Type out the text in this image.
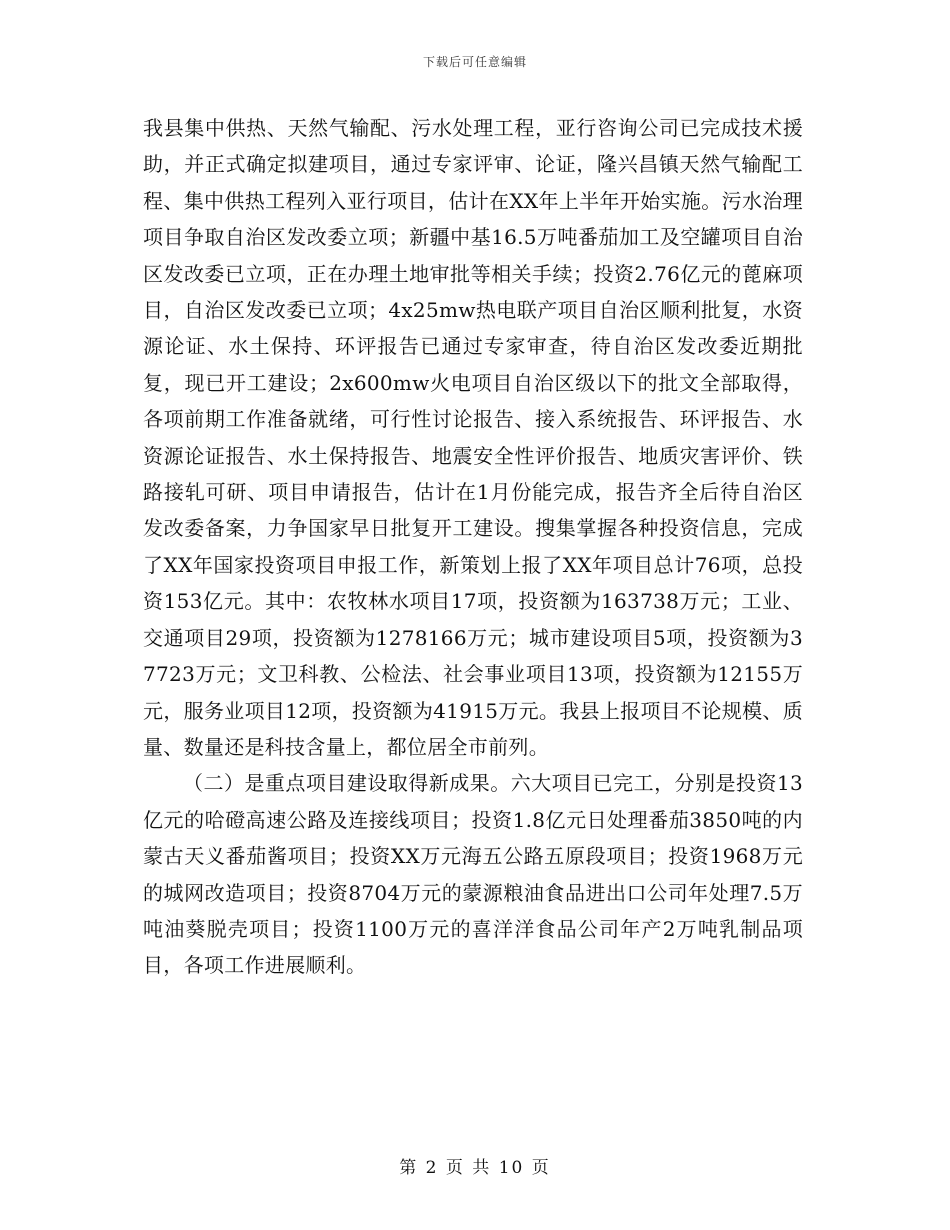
下载后可任意编辑

我县集中供热、天然气输配、污水处理工程，亚行咨询公司已完成技术援助，并正式确定拟建项目，通过专家评审、论证，隆兴昌镇天然气输配工程、集中供热工程列入亚行项目，估计在XX年上半年开始实施。污水治理项目争取自治区发改委立项；新疆中基16.5万吨番茄加工及空罐项目自治区发改委已立项，正在办理土地审批等相关手续；投资2.76亿元的蓖麻项目，自治区发改委已立项；4x25mw热电联产项目自治区顺利批复，水资源论证、水土保持、环评报告已通过专家审查，待自治区发改委近期批复，现已开工建设；2x600mw火电项目自治区级以下的批文全部取得，各项前期工作准备就绪，可行性讨论报告、接入系统报告、环评报告、水资源论证报告、水土保持报告、地震安全性评价报告、地质灾害评价、铁路接轧可研、项目申请报告，估计在1月份能完成，报告齐全后待自治区发改委备案，力争国家早日批复开工建设。搜集掌握各种投资信息，完成了XX年国家投资项目申报工作，新策划上报了XX年项目总计76项，总投资153亿元。其中：农牧林水项目17项，投资额为163738万元；工业、交通项目29项，投资额为1278166万元；城市建设项目5项，投资额为37723万元；文卫科教、公检法、社会事业项目13项，投资额为12155万元，服务业项目12项，投资额为41915万元。我县上报项目不论规模、质量、数量还是科技含量上，都位居全市前列。

（二）是重点项目建设取得新成果。六大项目已完工，分别是投资13亿元的哈磴高速公路及连接线项目；投资1.8亿元日处理番茄3850吨的内蒙古天义番茄酱项目；投资XX万元海五公路五原段项目；投资1968万元的城网改造项目；投资8704万元的蒙源粮油食品进出口公司年处理7.5万吨油葵脱壳项目；投资1100万元的喜洋洋食品公司年产2万吨乳制品项目，各项工作进展顺利。

第 2 页 共 10 页
